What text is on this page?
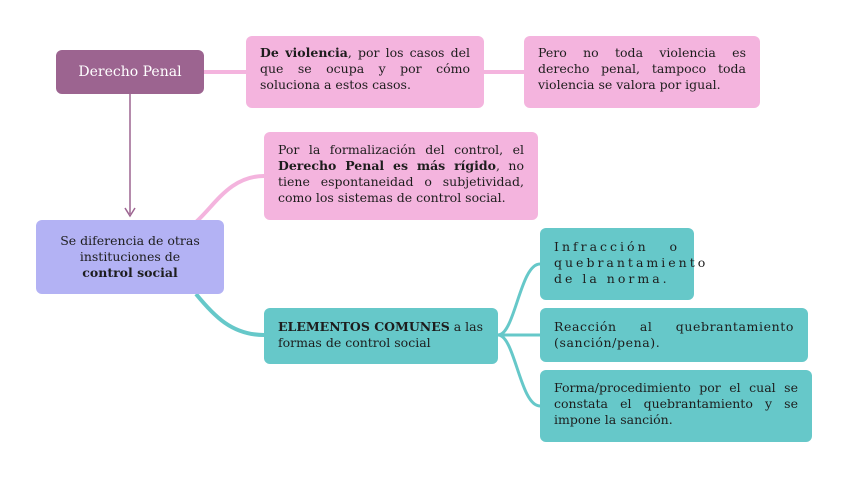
Derecho Penal
De violencia, por los casos del que se ocupa y por cómo soluciona a estos casos.
Pero no toda violencia es derecho penal, tampoco toda violencia se valora por igual.
Se diferencia de otras instituciones de
control social
Por la formalización del control, el Derecho Penal es más rígido, no tiene espontaneidad o subjetividad, como los sistemas de control social.
ELEMENTOS COMUNES a las formas de control social
Infracción o quebrantamiento de la norma.
Reacción al quebrantamiento (sanción/pena).
Forma/procedimiento por el cual se constata el quebrantamiento y se impone la sanción.
